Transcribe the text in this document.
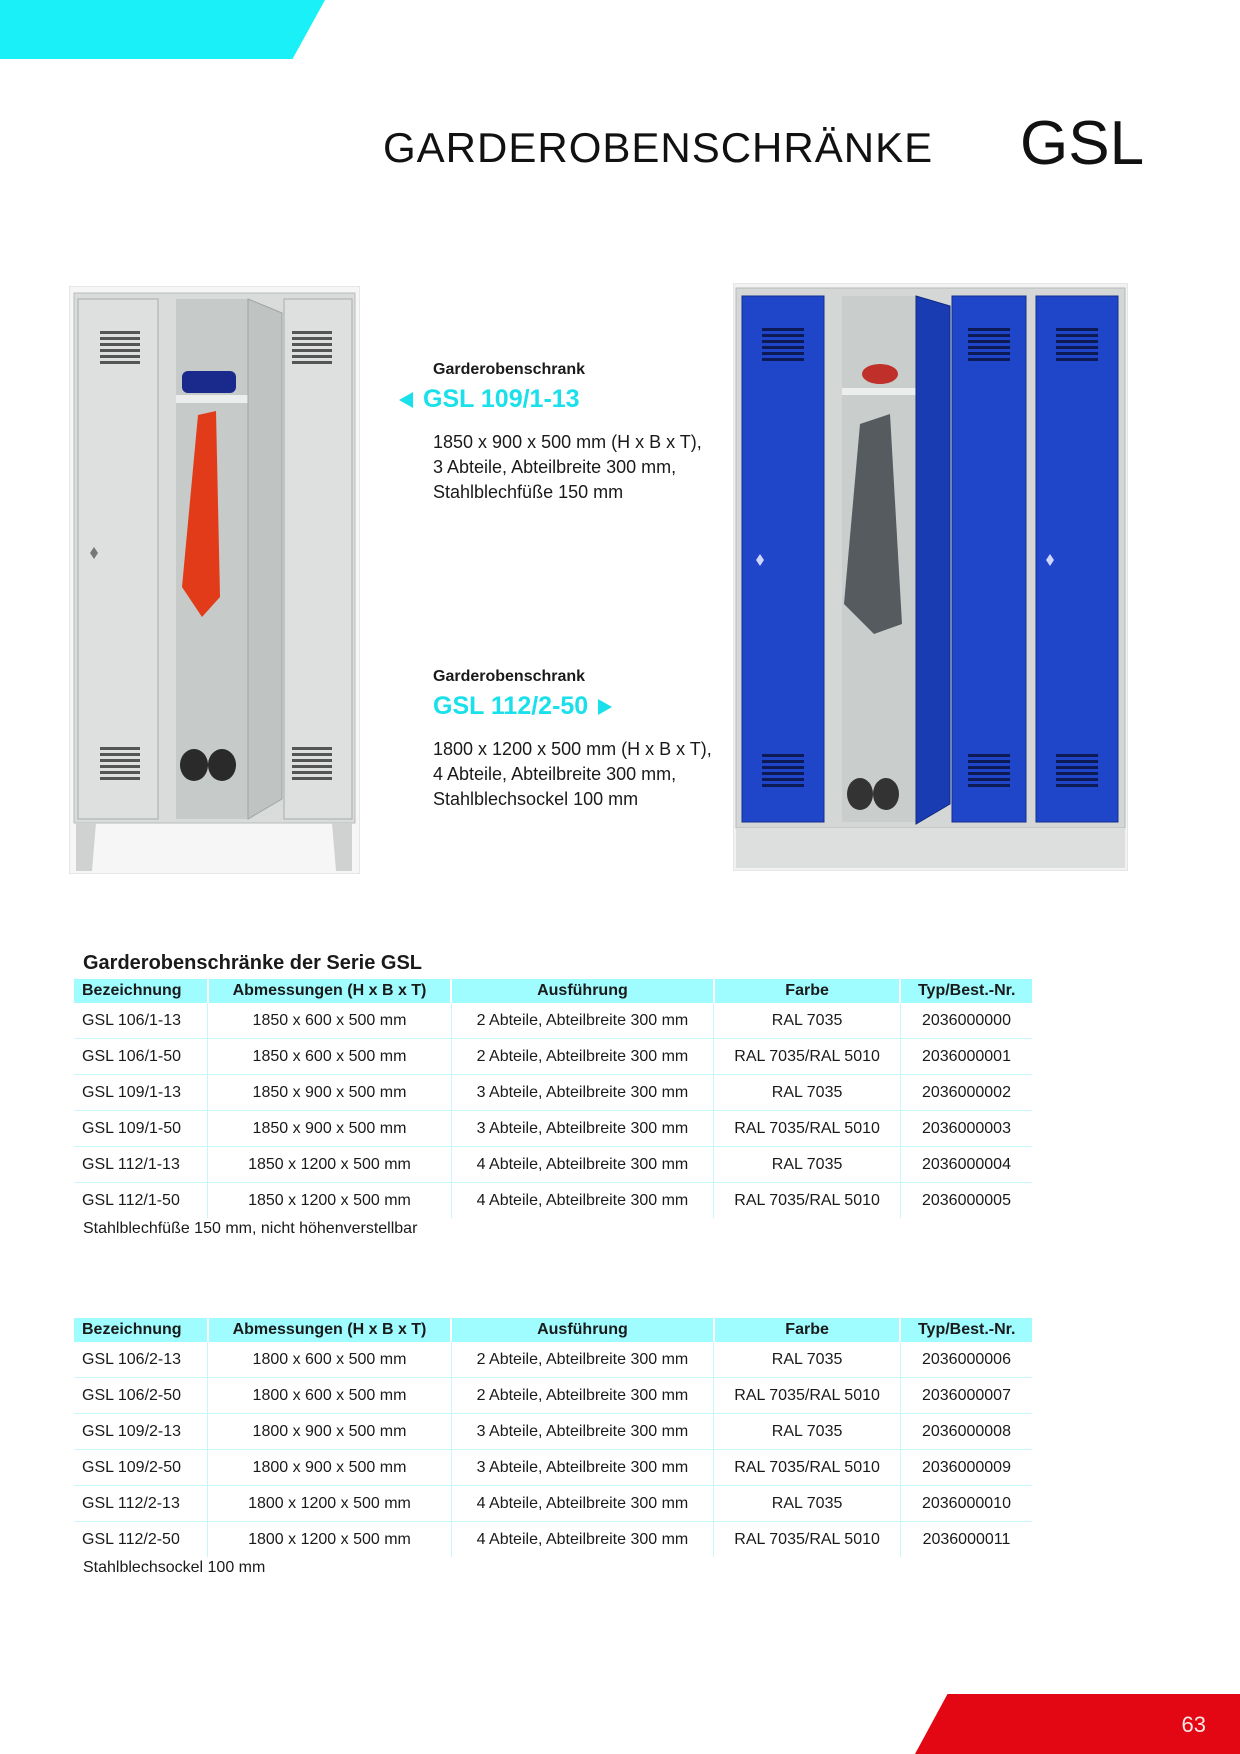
GARDEROBENSCHRÄNKE GSL
Garderobenschrank
GSL 109/1-13
1850 x 900 x 500 mm (H x B x T),
3 Abteile, Abteilbreite 300 mm,
Stahlblechfüße 150 mm
Garderobenschrank
GSL 112/2-50
1800 x 1200 x 500 mm (H x B x T),
4 Abteile, Abteilbreite 300 mm,
Stahlblechsockel 100 mm
Garderobenschränke der Serie GSL
Bezeichnung	Abmessungen (H x B x T)	Ausführung	Farbe	Typ/Best.-Nr.
GSL 106/1-13	1850 x 600 x 500 mm	2 Abteile, Abteilbreite 300 mm	RAL 7035	2036000000
GSL 106/1-50	1850 x 600 x 500 mm	2 Abteile, Abteilbreite 300 mm	RAL 7035/RAL 5010	2036000001
GSL 109/1-13	1850 x 900 x 500 mm	3 Abteile, Abteilbreite 300 mm	RAL 7035	2036000002
GSL 109/1-50	1850 x 900 x 500 mm	3 Abteile, Abteilbreite 300 mm	RAL 7035/RAL 5010	2036000003
GSL 112/1-13	1850 x 1200 x 500 mm	4 Abteile, Abteilbreite 300 mm	RAL 7035	2036000004
GSL 112/1-50	1850 x 1200 x 500 mm	4 Abteile, Abteilbreite 300 mm	RAL 7035/RAL 5010	2036000005
Stahlblechfüße 150 mm, nicht höhenverstellbar
Bezeichnung	Abmessungen (H x B x T)	Ausführung	Farbe	Typ/Best.-Nr.
GSL 106/2-13	1800 x 600 x 500 mm	2 Abteile, Abteilbreite 300 mm	RAL 7035	2036000006
GSL 106/2-50	1800 x 600 x 500 mm	2 Abteile, Abteilbreite 300 mm	RAL 7035/RAL 5010	2036000007
GSL 109/2-13	1800 x 900 x 500 mm	3 Abteile, Abteilbreite 300 mm	RAL 7035	2036000008
GSL 109/2-50	1800 x 900 x 500 mm	3 Abteile, Abteilbreite 300 mm	RAL 7035/RAL 5010	2036000009
GSL 112/2-13	1800 x 1200 x 500 mm	4 Abteile, Abteilbreite 300 mm	RAL 7035	2036000010
GSL 112/2-50	1800 x 1200 x 500 mm	4 Abteile, Abteilbreite 300 mm	RAL 7035/RAL 5010	2036000011
Stahlblechsockel 100 mm
63
